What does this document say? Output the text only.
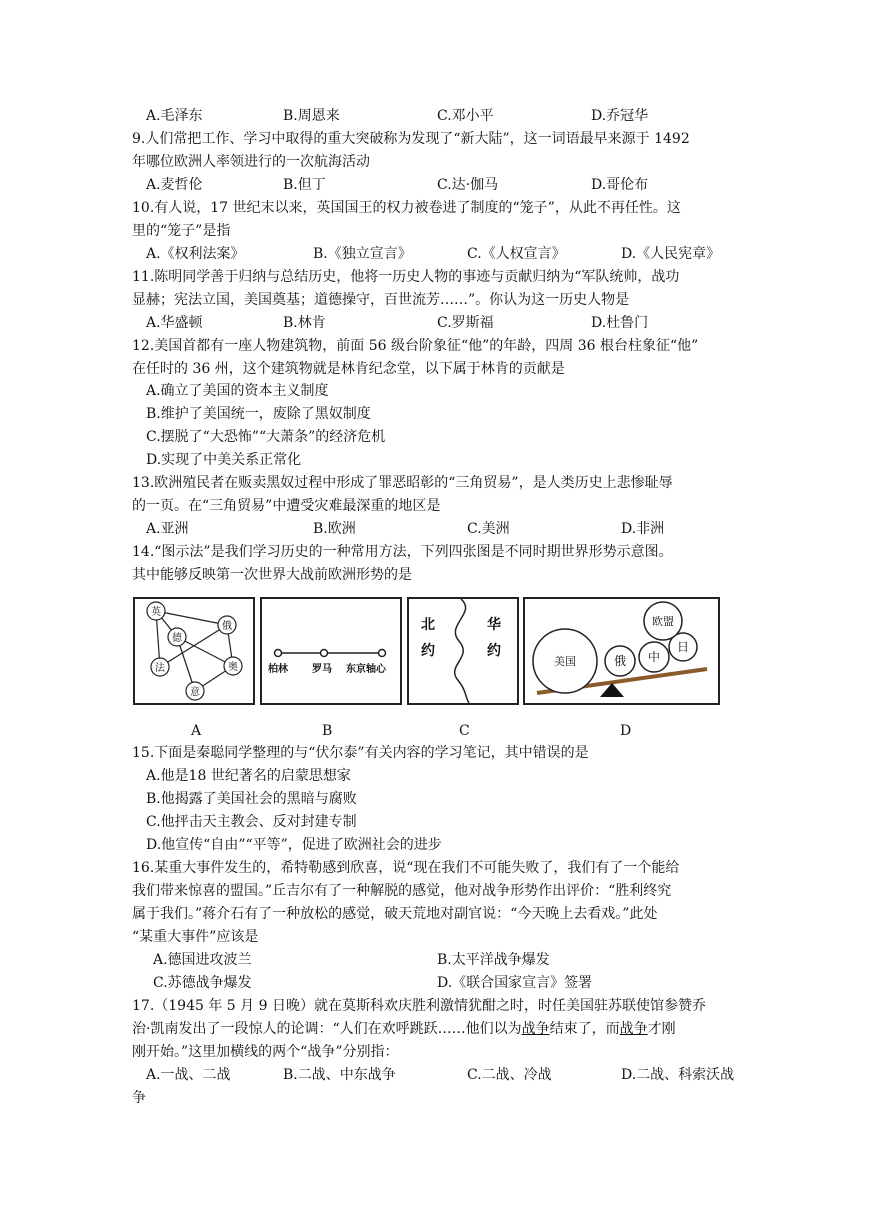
A.毛泽东	B.周恩来	C.邓小平	D.乔冠华
9.人们常把工作、学习中取得的重大突破称为发现了“新大陆”，这一词语最早来源于 1492
年哪位欧洲人率领进行的一次航海活动
A.麦哲伦	B.但丁	C.达·伽马	D.哥伦布
10.有人说，17 世纪末以来，英国国王的权力被卷进了制度的“笼子”，从此不再任性。这
里的“笼子”是指
A.《权利法案》	B.《独立宣言》	C.《人权宣言》	D.《人民宪章》
11.陈明同学善于归纳与总结历史，他将一历史人物的事迹与贡献归纳为“军队统帅，战功
显赫；宪法立国，美国奠基；道德操守，百世流芳……”。你认为这一历史人物是
A.华盛顿	B.林肯	C.罗斯福	D.杜鲁门
12.美国首都有一座人物建筑物，前面 56 级台阶象征“他”的年龄，四周 36 根台柱象征“他”
在任时的 36 州，这个建筑物就是林肯纪念堂，以下属于林肯的贡献是
A.确立了美国的资本主义制度
B.维护了美国统一，废除了黑奴制度
C.摆脱了“大恐怖”“大萧条”的经济危机
D.实现了中美关系正常化
13.欧洲殖民者在贩卖黑奴过程中形成了罪恶昭彰的“三角贸易”，是人类历史上悲惨耻辱
的一页。在“三角贸易”中遭受灾难最深重的地区是
A.亚洲	B.欧洲	C.美洲	D.非洲
14.“图示法”是我们学习历史的一种常用方法，下列四张图是不同时期世界形势示意图。
其中能够反映第一次世界大战前欧洲形势的是
英
德
俄
法	奥
意
柏林 罗马 东京轴心
北
约
华
约
欧盟
美国	俄 中
日
A	B	C	D
15.下面是秦聪同学整理的与“伏尔泰”有关内容的学习笔记，其中错误的是
A.他是18 世纪著名的启蒙思想家
B.他揭露了美国社会的黑暗与腐败
C.他抨击天主教会、反对封建专制
D.他宣传“自由”“平等”，促进了欧洲社会的进步
16.某重大事件发生的，希特勒感到欣喜，说“现在我们不可能失败了，我们有了一个能给
我们带来惊喜的盟国。”丘吉尔有了一种解脱的感觉，他对战争形势作出评价：“胜利终究
属于我们。”蒋介石有了一种放松的感觉，破天荒地对副官说：“今天晚上去看戏。”此处
“某重大事件”应该是
A.德国进攻波兰	B.太平洋战争爆发
C.苏德战争爆发	D.《联合国家宣言》签署
17.（1945 年 5 月 9 日晚）就在莫斯科欢庆胜利激情犹酣之时，时任美国驻苏联使馆参赞乔
治·凯南发出了一段惊人的论调：“人们在欢呼跳跃……他们以为战争结束了，而战争才刚
刚开始。”这里加横线的两个“战争”分别指：
A.一战、二战	B.二战、中东战争	C.二战、冷战	D.二战、科索沃战
争
